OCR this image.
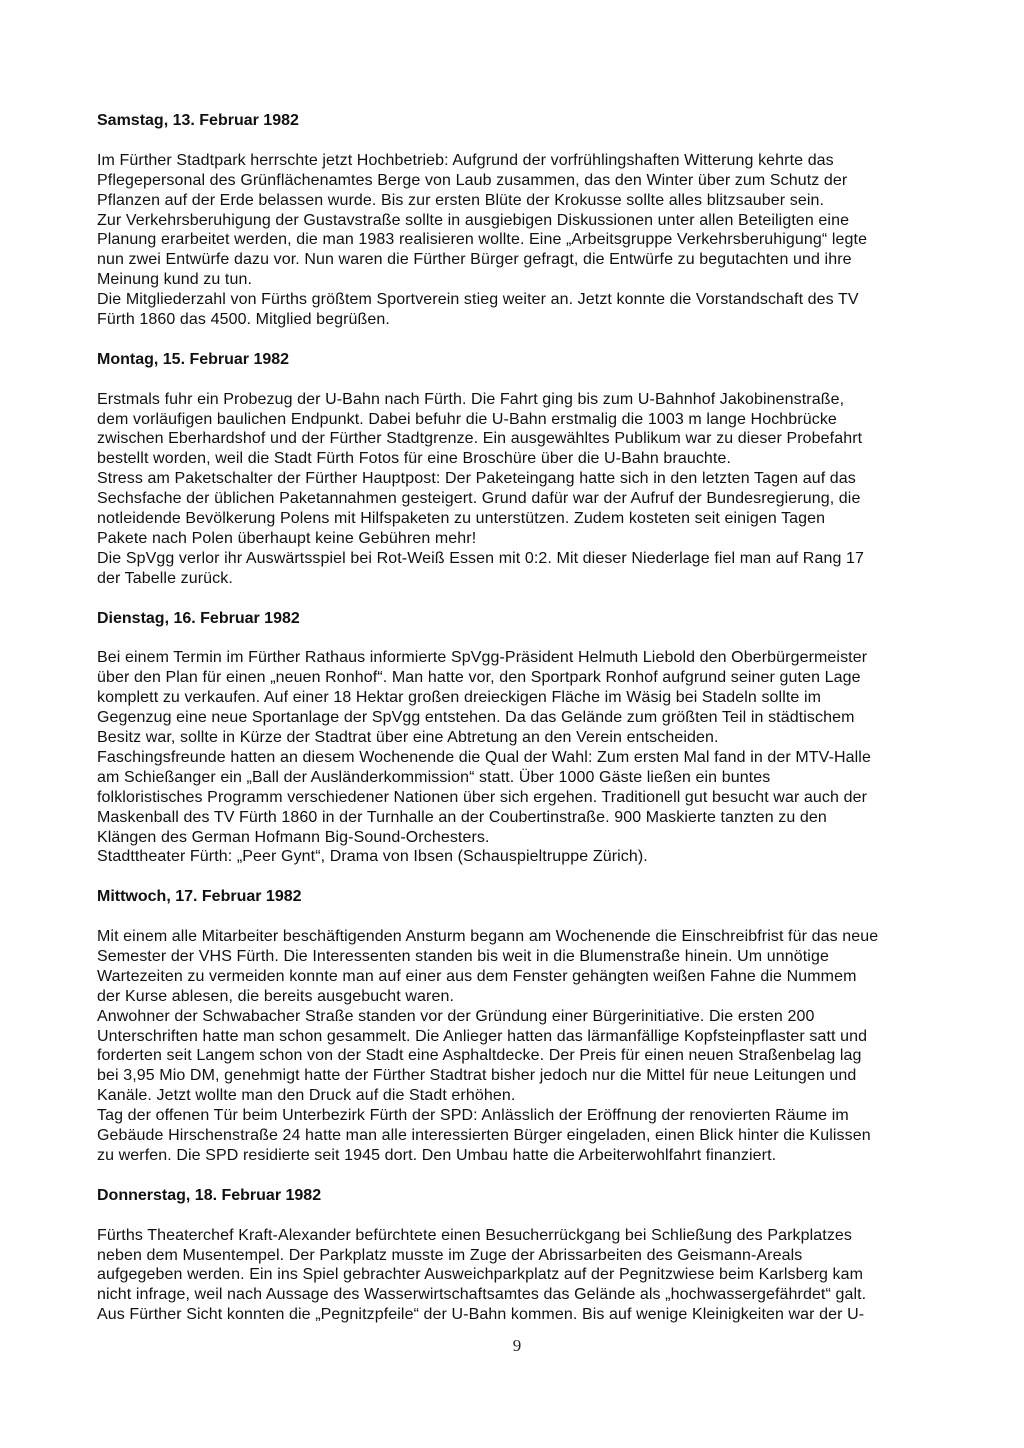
Samstag, 13. Februar 1982
Im Fürther Stadtpark herrschte jetzt Hochbetrieb: Aufgrund der vorfrühlingshaften Witterung kehrte das
Pflegepersonal des Grünflächenamtes Berge von Laub zusammen, das den Winter über zum Schutz der
Pflanzen auf der Erde belassen wurde. Bis zur ersten Blüte der Krokusse sollte alles blitzsauber sein.
Zur Verkehrsberuhigung der Gustavstraße sollte in ausgiebigen Diskussionen unter allen Beteiligten eine
Planung erarbeitet werden, die man 1983 realisieren wollte. Eine „Arbeitsgruppe Verkehrsberuhigung“ legte
nun zwei Entwürfe dazu vor. Nun waren die Fürther Bürger gefragt, die Entwürfe zu begutachten und ihre
Meinung kund zu tun.
Die Mitgliederzahl von Fürths größtem Sportverein stieg weiter an. Jetzt konnte die Vorstandschaft des TV
Fürth 1860 das 4500. Mitglied begrüßen.
Montag, 15. Februar 1982
Erstmals fuhr ein Probezug der U-Bahn nach Fürth. Die Fahrt ging bis zum U-Bahnhof Jakobinenstraße,
dem vorläufigen baulichen Endpunkt. Dabei befuhr die U-Bahn erstmalig die 1003 m lange Hochbrücke
zwischen Eberhardshof und der Fürther Stadtgrenze. Ein ausgewähltes Publikum war zu dieser Probefahrt
bestellt worden, weil die Stadt Fürth Fotos für eine Broschüre über die U-Bahn brauchte.
Stress am Paketschalter der Fürther Hauptpost: Der Paketeingang hatte sich in den letzten Tagen auf das
Sechsfache der üblichen Paketannahmen gesteigert. Grund dafür war der Aufruf der Bundesregierung, die
notleidende Bevölkerung Polens mit Hilfspaketen zu unterstützen. Zudem kosteten seit einigen Tagen
Pakete nach Polen überhaupt keine Gebühren mehr!
Die SpVgg verlor ihr Auswärtsspiel bei Rot-Weiß Essen mit 0:2. Mit dieser Niederlage fiel man auf Rang 17
der Tabelle zurück.
Dienstag, 16. Februar 1982
Bei einem Termin im Fürther Rathaus informierte SpVgg-Präsident Helmuth Liebold den Oberbürgermeister
über den Plan für einen „neuen Ronhof“. Man hatte vor, den Sportpark Ronhof aufgrund seiner guten Lage
komplett zu verkaufen. Auf einer 18 Hektar großen dreieckigen Fläche im Wäsig bei Stadeln sollte im
Gegenzug eine neue Sportanlage der SpVgg entstehen. Da das Gelände zum größten Teil in städtischem
Besitz war, sollte in Kürze der Stadtrat über eine Abtretung an den Verein entscheiden.
Faschingsfreunde hatten an diesem Wochenende die Qual der Wahl: Zum ersten Mal fand in der MTV-Halle
am Schießanger ein „Ball der Ausländerkommission“ statt. Über 1000 Gäste ließen ein buntes
folkloristisches Programm verschiedener Nationen über sich ergehen. Traditionell gut besucht war auch der
Maskenball des TV Fürth 1860 in der Turnhalle an der Coubertinstraße. 900 Maskierte tanzten zu den
Klängen des German Hofmann Big-Sound-Orchesters.
Stadttheater Fürth: „Peer Gynt“, Drama von Ibsen (Schauspieltruppe Zürich).
Mittwoch, 17. Februar 1982
Mit einem alle Mitarbeiter beschäftigenden Ansturm begann am Wochenende die Einschreibfrist für das neue
Semester der VHS Fürth. Die Interessenten standen bis weit in die Blumenstraße hinein. Um unnötige
Wartezeiten zu vermeiden konnte man auf einer aus dem Fenster gehängten weißen Fahne die Nummem
der Kurse ablesen, die bereits ausgebucht waren.
Anwohner der Schwabacher Straße standen vor der Gründung einer Bürgerinitiative. Die ersten 200
Unterschriften hatte man schon gesammelt. Die Anlieger hatten das lärmanfällige Kopfsteinpflaster satt und
forderten seit Langem schon von der Stadt eine Asphaltdecke. Der Preis für einen neuen Straßenbelag lag
bei 3,95 Mio DM, genehmigt hatte der Fürther Stadtrat bisher jedoch nur die Mittel für neue Leitungen und
Kanäle. Jetzt wollte man den Druck auf die Stadt erhöhen.
Tag der offenen Tür beim Unterbezirk Fürth der SPD: Anlässlich der Eröffnung der renovierten Räume im
Gebäude Hirschenstraße 24 hatte man alle interessierten Bürger eingeladen, einen Blick hinter die Kulissen
zu werfen. Die SPD residierte seit 1945 dort. Den Umbau hatte die Arbeiterwohlfahrt finanziert.
Donnerstag, 18. Februar 1982
Fürths Theaterchef Kraft-Alexander befürchtete einen Besucherrückgang bei Schließung des Parkplatzes
neben dem Musentempel. Der Parkplatz musste im Zuge der Abrissarbeiten des Geismann-Areals
aufgegeben werden. Ein ins Spiel gebrachter Ausweichparkplatz auf der Pegnitzwiese beim Karlsberg kam
nicht infrage, weil nach Aussage des Wasserwirtschaftsamtes das Gelände als „hochwassergefährdet“ galt.
Aus Fürther Sicht konnten die „Pegnitzpfeile“ der U-Bahn kommen. Bis auf wenige Kleinigkeiten war der U-
9
